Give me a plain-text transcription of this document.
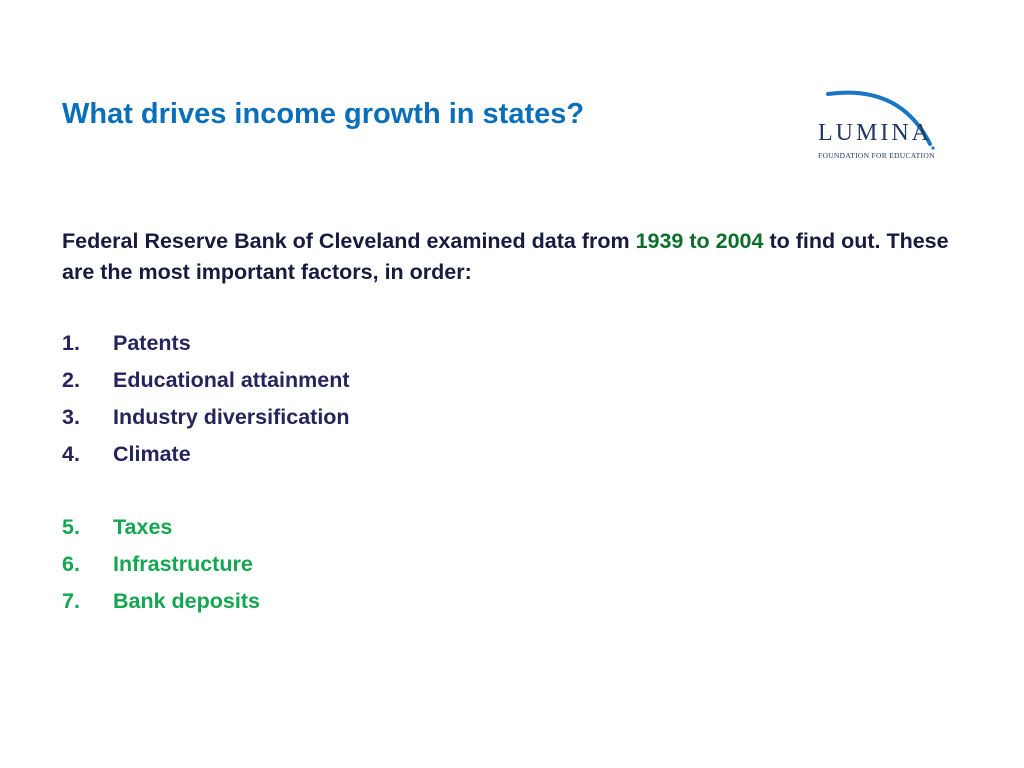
What drives income growth in states?
LUMINA
FOUNDATION FOR EDUCATION

Federal Reserve Bank of Cleveland examined data from 1939 to 2004 to find out. These are the most important factors, in order:

1. Patents
2. Educational attainment
3. Industry diversification
4. Climate
5. Taxes
6. Infrastructure
7. Bank deposits
